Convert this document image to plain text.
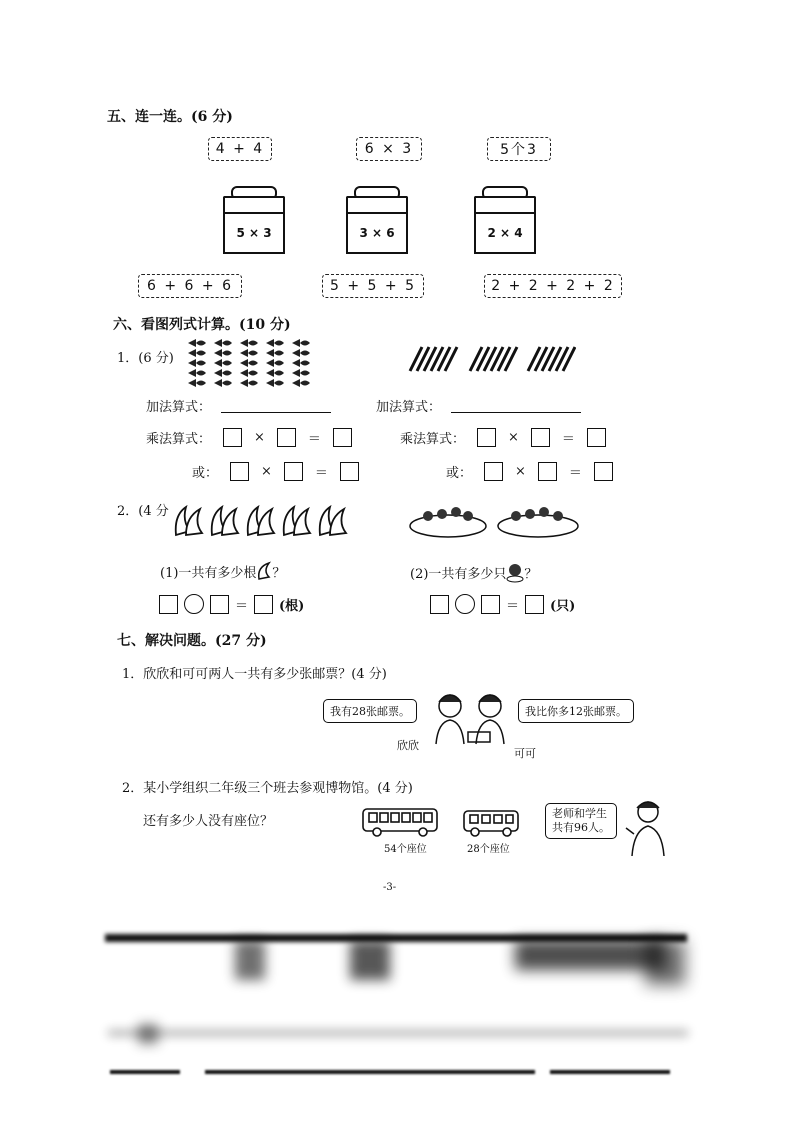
五、连一连。(6 分)
4 + 4	6 × 3	5个3
5 × 3	3 × 6	2 × 4
6 + 6 + 6	5 + 5 + 5	2 + 2 + 2 + 2
六、看图列式计算。(10 分)
1．(6 分)
加法算式：	加法算式：
乘法算式：	×	＝	乘法算式：	×	＝
或：	×	＝	或：	×	＝
2．(4 分
(1)一共有多少根 ？	(2)一共有多少只 ？
＝ (根)	＝ (只)
七、解决问题。(27 分)
1．欣欣和可可两人一共有多少张邮票？(4 分)
我有28张邮票。	我比你多12张邮票。
欣欣
可可
2．某小学组织二年级三个班去参观博物馆。(4 分)
还有多少人没有座位？
54个座位	28个座位
老师和学生
共有96人。
-3-
